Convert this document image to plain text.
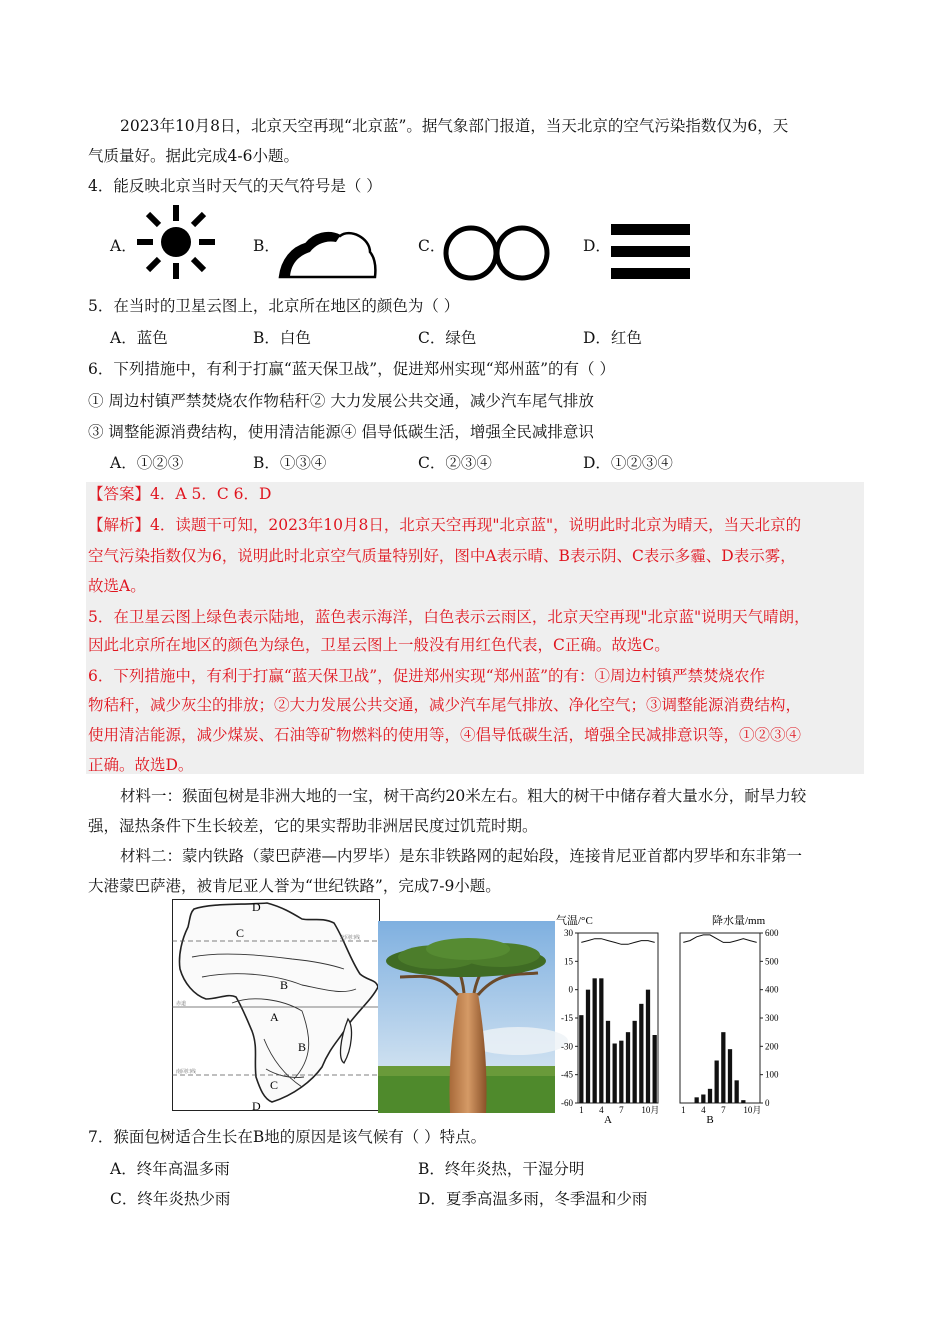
2023年10月8日，北京天空再现“北京蓝”。据气象部门报道，当天北京的空气污染指数仅为6，天
气质量好。据此完成4-6小题。
4．能反映北京当时天气的天气符号是（ ）
A．	B．	C．	D．
5．在当时的卫星云图上，北京所在地区的颜色为（ ）
A．蓝色	B．白色	C．绿色	D．红色
6．下列措施中，有利于打赢“蓝天保卫战”，促进郑州实现“郑州蓝”的有（ ）
① 周边村镇严禁焚烧农作物秸秆② 大力发展公共交通，减少汽车尾气排放
③ 调整能源消费结构，使用清洁能源④ 倡导低碳生活，增强全民减排意识
A．①②③	B．①③④	C．②③④	D．①②③④
【答案】4．A 5．C 6．D
【解析】4．读题干可知，2023年10月8日，北京天空再现"北京蓝"，说明此时北京为晴天，当天北京的
空气污染指数仅为6，说明此时北京空气质量特别好，图中A表示晴、B表示阴、C表示多霾、D表示雾，
故选A。
5．在卫星云图上绿色表示陆地，蓝色表示海洋，白色表示云雨区，北京天空再现"北京蓝"说明天气晴朗，
因此北京所在地区的颜色为绿色，卫星云图上一般没有用红色代表，C正确。故选C。
6．下列措施中，有利于打赢“蓝天保卫战”，促进郑州实现“郑州蓝”的有：①周边村镇严禁焚烧农作
物秸秆，减少灰尘的排放；②大力发展公共交通，减少汽车尾气排放、净化空气；③调整能源消费结构，
使用清洁能源，减少煤炭、石油等矿物燃料的使用等，④倡导低碳生活，增强全民减排意识等，①②③④
正确。故选D。
材料一：猴面包树是非洲大地的一宝，树干高约20米左右。粗大的树干中储存着大量水分，耐旱力较
强，湿热条件下生长较差，它的果实帮助非洲居民度过饥荒时期。
材料二：蒙内铁路（蒙巴萨港—内罗毕）是东非铁路网的起始段，连接肯尼亚首都内罗毕和东非第一
大港蒙巴萨港，被肯尼亚人誉为“世纪铁路”，完成7-9小题。
D
C
B
A
B
C
D
北回归线
赤道
南回归线
30
15
0
-15
-30
-45
-60
1 4 7 10月
A
600
500
400
300
200
100
0
1 4 7 10月
B
气温/°C	降水量/mm
7．猴面包树适合生长在B地的原因是该气候有（ ）特点。
A．终年高温多雨	B．终年炎热，干湿分明
C．终年炎热少雨	D．夏季高温多雨，冬季温和少雨
